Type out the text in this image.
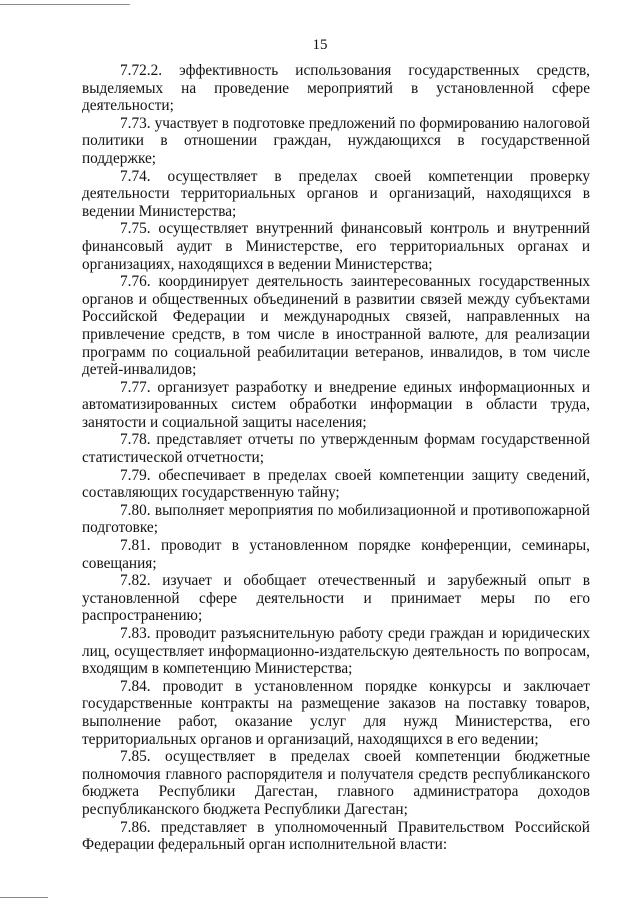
15

7.72.2. эффективность использования государственных средств, выделяемых на проведение мероприятий в установленной сфере деятельности;

7.73. участвует в подготовке предложений по формированию налоговой политики в отношении граждан, нуждающихся в государственной поддержке;

7.74. осуществляет в пределах своей компетенции проверку деятельности территориальных органов и организаций, находящихся в ведении Министерства;

7.75. осуществляет внутренний финансовый контроль и внутренний финансовый аудит в Министерстве, его территориальных органах и организациях, находящихся в ведении Министерства;

7.76. координирует деятельность заинтересованных государственных органов и общественных объединений в развитии связей между субъектами Российской Федерации и международных связей, направленных на привлечение средств, в том числе в иностранной валюте, для реализации программ по социальной реабилитации ветеранов, инвалидов, в том числе детей-инвалидов;

7.77. организует разработку и внедрение единых информационных и автоматизированных систем обработки информации в области труда, занятости и социальной защиты населения;

7.78. представляет отчеты по утвержденным формам государственной статистической отчетности;

7.79. обеспечивает в пределах своей компетенции защиту сведений, составляющих государственную тайну;

7.80. выполняет мероприятия по мобилизационной и противопожарной подготовке;

7.81. проводит в установленном порядке конференции, семинары, совещания;

7.82. изучает и обобщает отечественный и зарубежный опыт в установленной сфере деятельности и принимает меры по его распространению;

7.83. проводит разъяснительную работу среди граждан и юридических лиц, осуществляет информационно-издательскую деятельность по вопросам, входящим в компетенцию Министерства;

7.84. проводит в установленном порядке конкурсы и заключает государственные контракты на размещение заказов на поставку товаров, выполнение работ, оказание услуг для нужд Министерства, его территориальных органов и организаций, находящихся в его ведении;

7.85. осуществляет в пределах своей компетенции бюджетные полномочия главного распорядителя и получателя средств республиканского бюджета Республики Дагестан, главного администратора доходов республиканского бюджета Республики Дагестан;

7.86. представляет в уполномоченный Правительством Российской Федерации федеральный орган исполнительной власти:
